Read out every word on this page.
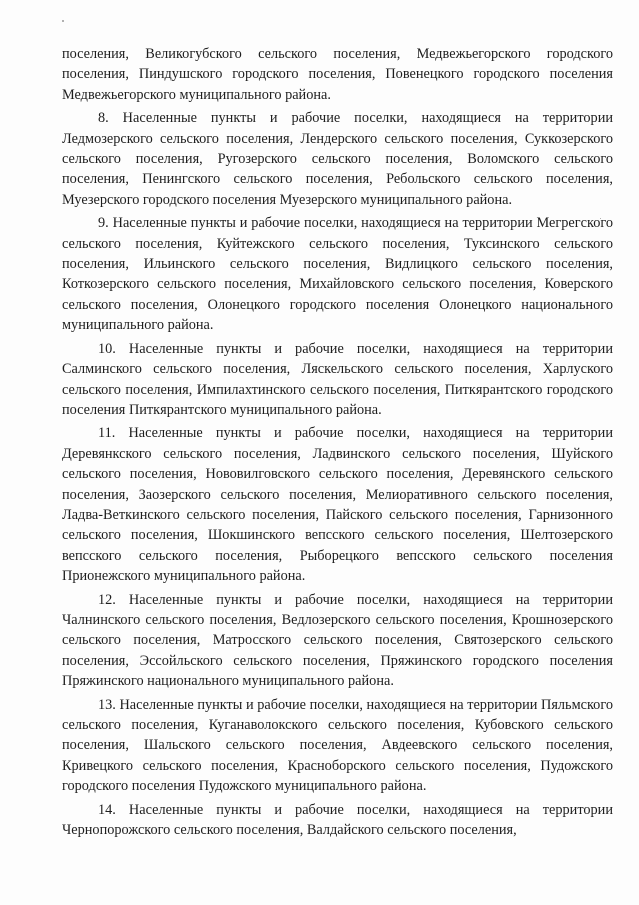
поселения, Великогубского сельского поселения, Медвежьегорского городского поселения, Пиндушского городского поселения, Повенецкого городского поселения Медвежьегорского муниципального района.

8. Населенные пункты и рабочие поселки, находящиеся на территории Ледмозерского сельского поселения, Лендерского сельского поселения, Суккозерского сельского поселения, Ругозерского сельского поселения, Воломского сельского поселения, Пенингского сельского поселения, Ребольского сельского поселения, Муезерского городского поселения Муезерского муниципального района.

9. Населенные пункты и рабочие поселки, находящиеся на территории Мегрегского сельского поселения, Куйтежского сельского поселения, Туксинского сельского поселения, Ильинского сельского поселения, Видлицкого сельского поселения, Коткозерского сельского поселения, Михайловского сельского поселения, Коверского сельского поселения, Олонецкого городского поселения Олонецкого национального муниципального района.

10. Населенные пункты и рабочие поселки, находящиеся на территории Салминского сельского поселения, Ляскельского сельского поселения, Харлуского сельского поселения, Импилахтинского сельского поселения, Питкярантского городского поселения Питкярантского муниципального района.

11. Населенные пункты и рабочие поселки, находящиеся на территории Деревянкского сельского поселения, Ладвинского сельского поселения, Шуйского сельского поселения, Нововилговского сельского поселения, Деревянского сельского поселения, Заозерского сельского поселения, Мелиоративного сельского поселения, Ладва-Веткинского сельского поселения, Пайского сельского поселения, Гарнизонного сельского поселения, Шокшинского вепсского сельского поселения, Шелтозерского вепсского сельского поселения, Рыборецкого вепсского сельского поселения Прионежского муниципального района.

12. Населенные пункты и рабочие поселки, находящиеся на территории Чалнинского сельского поселения, Ведлозерского сельского поселения, Крошнозерского сельского поселения, Матросского сельского поселения, Святозерского сельского поселения, Эссойльского сельского поселения, Пряжинского городского поселения Пряжинского национального муниципального района.

13. Населенные пункты и рабочие поселки, находящиеся на территории Пяльмского сельского поселения, Куганаволокского сельского поселения, Кубовского сельского поселения, Шальского сельского поселения, Авдеевского сельского поселения, Кривецкого сельского поселения, Красноборского сельского поселения, Пудожского городского поселения Пудожского муниципального района.

14. Населенные пункты и рабочие поселки, находящиеся на территории Чернопорожского сельского поселения, Валдайского сельского поселения,
